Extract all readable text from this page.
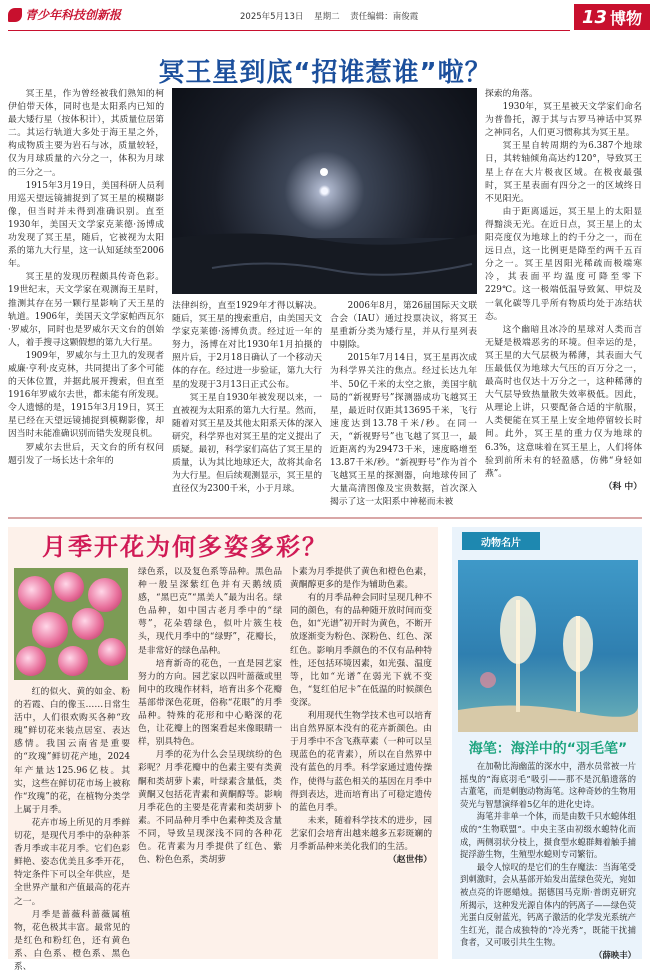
青少年科技创新报	2025年5月13日 星期二 责任编辑：南俊霞	13 博物
冥王星到底“招谁惹谁”啦？

冥王星，作为曾经被我们熟知的柯伊伯带天体，同时也是太阳系内已知的最大矮行星（按体积计），其质量位居第二。其运行轨道大多处于海王星之外，构成物质主要为岩石与冰，质量较轻，仅为月球质量的六分之一，体积为月球的三分之一。

1915年3月19日，美国科研人员利用巡天望远镜捕捉到了冥王星的模糊影像，但当时并未得到准确识别。直至1930年，美国天文学家克莱德·汤博成功发现了冥王星，随后，它被视为太阳系的第九大行星，这一认知延续至2006年。

冥王星的发现历程颇具传奇色彩。19世纪末，天文学家在观测海王星时，推测其存在另一颗行星影响了天王星的轨道。1906年，美国天文学家帕西瓦尔·罗威尔，同时也是罗威尔天文台的创始人，着手搜寻这颗假想的第九大行星。

1909年，罗威尔与土卫九的发现者威廉·亨利·皮克林，共同提出了多个可能的天体位置，并据此展开搜索，但直至1916年罗威尔去世，都未能有所发现。令人遗憾的是，1915年3月19日，冥王星已经在天望远镜捕捉到模糊影像，却因当时未能准确识别而错失发现良机。

罗威尔去世后，天文台的所有权问题引发了一场长达十余年的

法律纠纷，直至1929年才得以解决。随后，冥王星的搜索重启，由美国天文学家克莱德·汤博负责。经过近一年的努力，汤博在对比1930年1月拍摄的照片后，于2月18日确认了一个移动天体的存在。经过进一步验证，第九大行星的发现于3月13日正式公布。

冥王星自1930年被发现以来，一直被视为太阳系的第九大行星。然而，随着对冥王星及其他太阳系天体的深入研究，科学界也对冥王星的定义提出了质疑。最初，科学家们高估了冥王星的质量，认为其比地球还大，故将其命名为大行星。但后续观测显示，冥王星的直径仅为2300千米，小于月球。

2006年8月，第26届国际天文联合会（IAU）通过投票决议，将冥王星重新分类为矮行星，并从行星列表中剔除。

2015年7月14日，冥王星再次成为科学界关注的焦点。经过长达九年半、50亿千米的太空之旅，美国宇航局的“新视野号”探测器成功飞越冥王星，最近时仅距其13695千米，飞行速度达到13.78千米/秒。在同一天，“新视野号”也飞越了冥卫一，最近距离约为29473千米，速度略增至13.87千米/秒。“新视野号”作为首个飞越冥王星的探测器，向地球传回了大量高清图像及宝贵数据，首次深入揭示了这一太阳系中神秘而未被

探索的角落。

1930年，冥王星被天文学家们命名为普鲁托，源于其与古罗马神话中冥界之神同名，人们更习惯称其为冥王星。

冥王星自转周期约为6.387个地球日，其转轴倾角高达约120°，导致冥王星上存在大片极夜区域。在极夜最强时，冥王星表面有四分之一的区域终日不见阳光。

由于距离遥远，冥王星上的太阳显得黯淡无光。在近日点，冥王星上的太阳亮度仅为地球上的约千分之一，而在远日点，这一比例更是降至约两千五百分之一。冥王星因阳光稀疏而极端寒冷，其表面平均温度可降至零下229℃。这一极端低温导致氮、甲烷及一氧化碳等几乎所有物质均处于冻结状态。

这个幽暗且冰冷的星球对人类而言无疑是极端恶劣的环境。但幸运的是，冥王星的大气层极为稀薄，其表面大气压最低仅为地球大气压的百万分之一，最高时也仅达十万分之一，这种稀薄的大气层导致热量散失效率极低。因此，从理论上讲，只要配备合适的宇航服，人类便能在冥王星上安全地停留较长时间。此外，冥王星的重力仅为地球的6.3%，这意味着在冥王星上，人们将体验到前所未有的轻盈感，仿佛“身轻如燕”。

（科 中）
月季开花为何多姿多彩？

红的似火、黄的如金、粉的若霞、白的像玉……日常生活中，人们很欢购买各种“玫瑰”鲜切花来装点居室、表达感情。我国云南省是重要的“玫瑰”鲜切花产地，2024年产量达125.96亿枝。其实，这些在鲜切花市场上被称作“玫瑰”的花，在植物分类学上属于月季。

花卉市场上所见的月季鲜切花，是现代月季中的杂种茶香月季或丰花月季。它们色彩鲜艳、姿态优美且多季开花，特定条件下可以全年供应，是全世界产量和产值最高的花卉之一。

月季是蔷薇科蔷薇属植物，花色极其丰富。最常见的是红色和粉红色，还有黄色系、白色系、橙色系、黑色系、

绿色系，以及复色系等品种。黑色品种一般呈深紫红色并有天鹅绒质感，“黑巴克”“黑美人”最为出名。绿色品种，如中国古老月季中的“绿萼”，花朵碧绿色，似叶片簇生枝头，现代月季中的“绿野”，花瓣长，是非常好的绿色品种。

培育新奇的花色，一直是园艺家努力的方向。园艺家以四叶蔷薇或里间中的玫瑰作材料，培育出多个花瓣基部带深色花斑，俗称“花眼”的月季品种。特殊的花形和中心略深的花色，让花瓣上的图案看起来像眼睛一样，别具特色。

月季的花为什么会呈现缤纷的色彩呢？月季花瓣中的色素主要有类黄酮和类胡萝卜素，叶绿素含量低，类黄酮又包括花青素和黄酮醇等。影响月季花色的主要是花青素和类胡萝卜素。不同品种月季中色素种类及含量不同，导致呈现深浅不同的各种花色。花青素为月季提供了红色、紫色、粉色色系，类胡萝

卜素为月季提供了黄色和橙色色素，黄酮醇更多的是作为辅助色素。

有的月季品种会同时呈现几种不同的颜色，有的品种随开放时间而变色，如“光谱”初开时为黄色，不断开放逐渐变为粉色、深粉色、红色、深红色。影响月季颜色的不仅有品种特性，还包括环境因素，如光强、温度等，比如“光谱”在弱光下就不变色，“复红伯尼卡”在低温的时候颜色变深。

利用现代生物学技术也可以培育出自然界原本没有的花卉新颜色。由于月季中不含飞燕草素（一种可以呈现蓝色的花青素），所以在自然界中没有蓝色的月季。科学家通过遗传操作，使得与蓝色相关的基因在月季中得到表达，进而培育出了可稳定遗传的蓝色月季。

未来，随着科学技术的进步，园艺家们会培育出越来越多五彩斑斓的月季新品种来美化我们的生活。

（赵世伟）
动物名片
海笔：海洋中的“羽毛笔”

在加勒比海幽蓝的深水中，潜水员常被一片摇曳的“海底羽毛”吸引——那不是沉船遗落的古董笔，而是刺胞动物海笔。这种奇妙的生物用荧光与智慧演绎着5亿年的进化史诗。

海笔并非单一个体，而是由数千只水螅体组成的“生物联盟”。中央主茎由初级水螅特化而成，两侧羽状分枝上，摄食型水螅群舞着触手捕捉浮游生物，生殖型水螅则专司繁衍。

最令人惊叹的是它们的生存魔法：当海笔受到刺激时，会从基部开始发出蓝绿色荧光，宛如被点亮的许愿蜡烛。据德国马克斯·普朗克研究所揭示，这种发光源自体内的钙离子——绿色荧光蛋白反射蓝光，钙离子激活的化学发光系统产生红光，混合成独特的“冷光秀”，既能干扰捕食者，又可吸引共生生物。

（薛映丰）
